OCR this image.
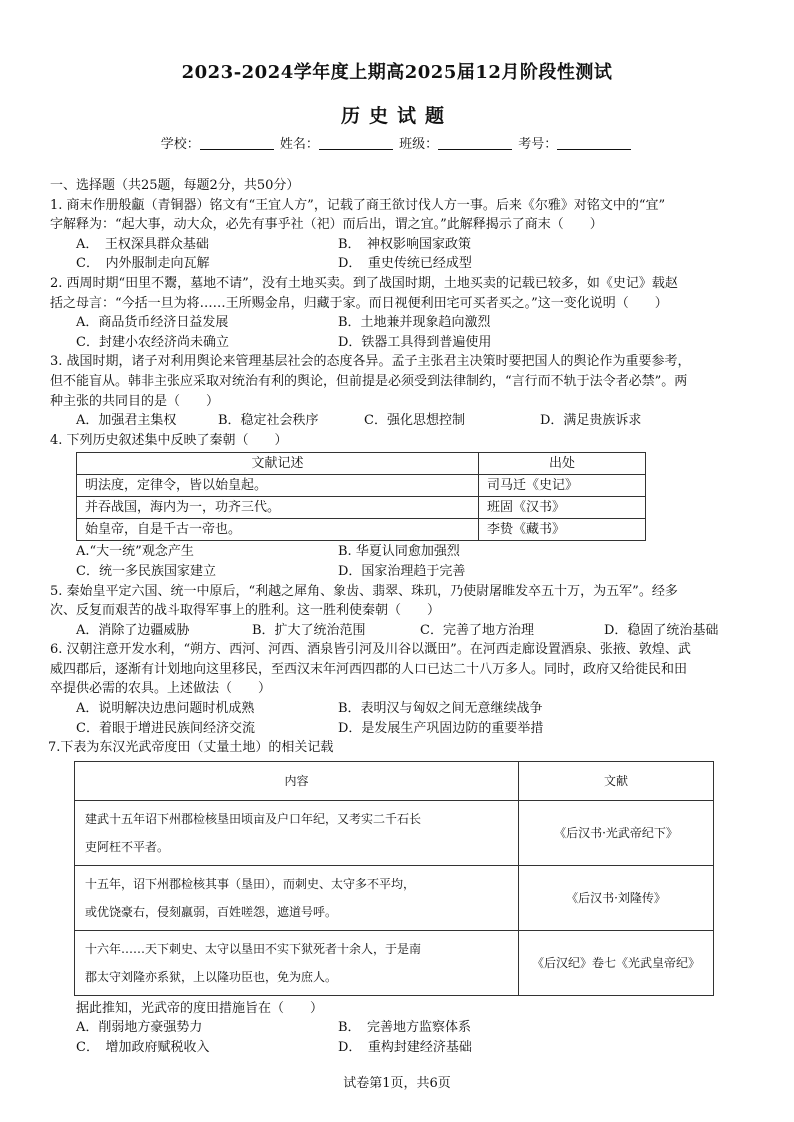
2023-2024学年度上期高2025届12月阶段性测试
历史试题
学校：	姓名：	班级：	考号：

一、选择题（共25题，每题2分，共50分）

1. 商末作册般甗（青铜器）铭文有“王宜人方”，记载了商王欲讨伐人方一事。后来《尔雅》对铭文中的“宜”

字解释为：“起大事，动大众，必先有事乎社（祀）而后出，谓之宜。”此解释揭示了商末（　　）

A．　王权深具群众基础	B．　神权影响国家政策
C．　内外服制走向瓦解	D．　重史传统已经成型

2. 西周时期“田里不鬻，墓地不请”，没有土地买卖。到了战国时期，土地买卖的记载已较多，如《史记》载赵

括之母言：“今括一旦为将……王所赐金帛，归藏于家。而日视便利田宅可买者买之。”这一变化说明（　　）

A．商品货币经济日益发展	B．土地兼并现象趋向激烈
C．封建小农经济尚未确立	D．铁器工具得到普遍使用

3. 战国时期，诸子对利用舆论来管理基层社会的态度各异。孟子主张君主决策时要把国人的舆论作为重要参考，

但不能盲从。韩非主张应采取对统治有利的舆论，但前提是必须受到法律制约，“言行而不轨于法令者必禁”。两

种主张的共同目的是（　　）

A．加强君主集权	B．稳定社会秩序	C．强化思想控制	D．满足贵族诉求

4. 下列历史叙述集中反映了秦朝（　　）

文献记述	出处
明法度，定律令，皆以始皇起。	司马迁《史记》
并吞战国，海内为一，功齐三代。	班固《汉书》
始皇帝，自是千古一帝也。	李贽《藏书》
A.“大一统”观念产生	B. 华夏认同愈加强烈
C．统一多民族国家建立	D．国家治理趋于完善

5. 秦始皇平定六国、统一中原后，“利越之犀角、象齿、翡翠、珠玑，乃使尉屠睢发卒五十万，为五军”。经多

次、反复而艰苦的战斗取得军事上的胜利。这一胜利使秦朝（　　）

A．消除了边疆威胁	B．扩大了统治范围	C．完善了地方治理	D．稳固了统治基础

6. 汉朝注意开发水利，“朔方、西河、河西、酒泉皆引河及川谷以溉田”。在河西走廊设置酒泉、张掖、敦煌、武

威四郡后，逐渐有计划地向这里移民，至西汉末年河西四郡的人口已达二十八万多人。同时，政府又给徙民和田

卒提供必需的农具。上述做法（　　）

A．说明解决边患问题时机成熟	B．表明汉与匈奴之间无意继续战争
C．着眼于增进民族间经济交流	D．是发展生产巩固边防的重要举措

7.下表为东汉光武帝度田（丈量土地）的相关记载

内容	文献

建武十五年诏下州郡检核垦田顷亩及户口年纪，又考实二千石长
吏阿枉不平者。	《后汉书·光武帝纪下》

十五年，诏下州郡检核其事（垦田），而刺史、太守多不平均，
或优饶豪右，侵刻羸弱，百姓嗟怨，遮道号呼。	《后汉书·刘隆传》

十六年……天下刺史、太守以垦田不实下狱死者十余人，于是南
郡太守刘隆亦系狱，上以隆功臣也，免为庶人。	《后汉纪》卷七《光武皇帝纪》

据此推知，光武帝的度田措施旨在（　　）

A．削弱地方豪强势力	B．　完善地方监察体系
C．　增加政府赋税收入	D．　重构封建经济基础
试卷第1页，共6页
